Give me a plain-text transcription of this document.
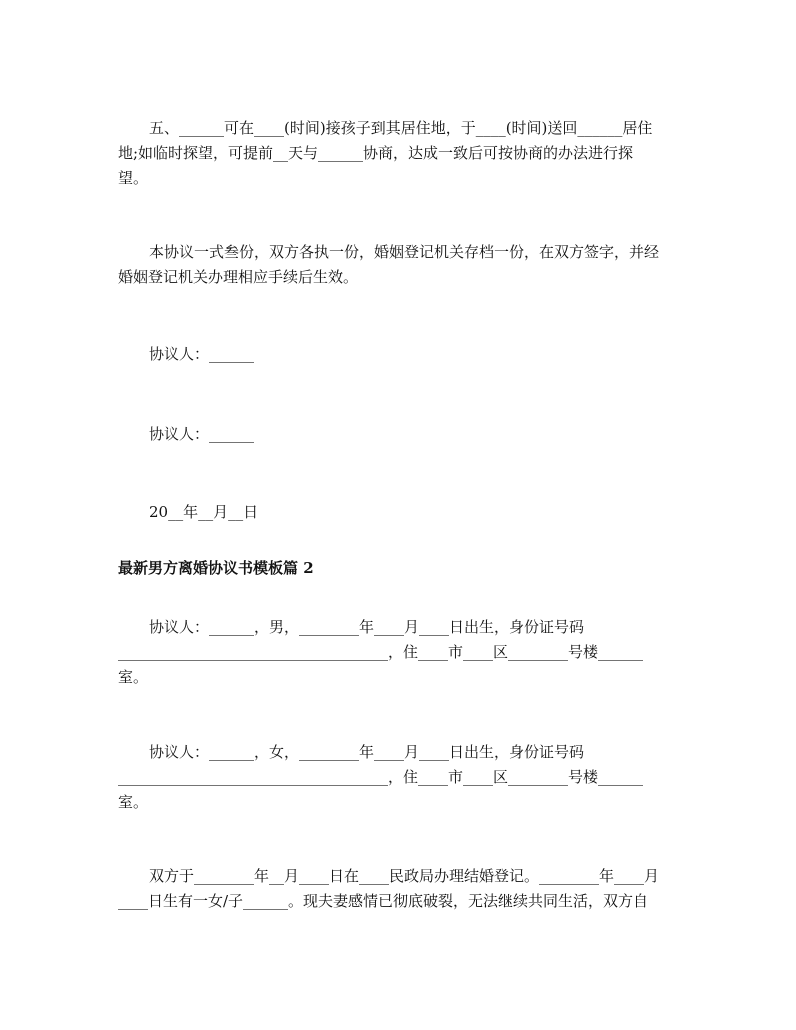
五、______可在____(时间)接孩子到其居住地，于____(时间)送回______居住
地;如临时探望，可提前__天与______协商，达成一致后可按协商的办法进行探
望。
本协议一式叁份，双方各执一份，婚姻登记机关存档一份，在双方签字，并经
婚姻登记机关办理相应手续后生效。
协议人：______
协议人：______
20__年__月__日
最新男方离婚协议书模板篇 2
协议人：______，男，________年____月____日出生，身份证号码
____________________________________，住____市____区________号楼______
室。
协议人：______，女，________年____月____日出生，身份证号码
____________________________________，住____市____区________号楼______
室。
双方于________年__月____日在____民政局办理结婚登记。________年____月
____日生有一女/子______。现夫妻感情已彻底破裂，无法继续共同生活，双方自
